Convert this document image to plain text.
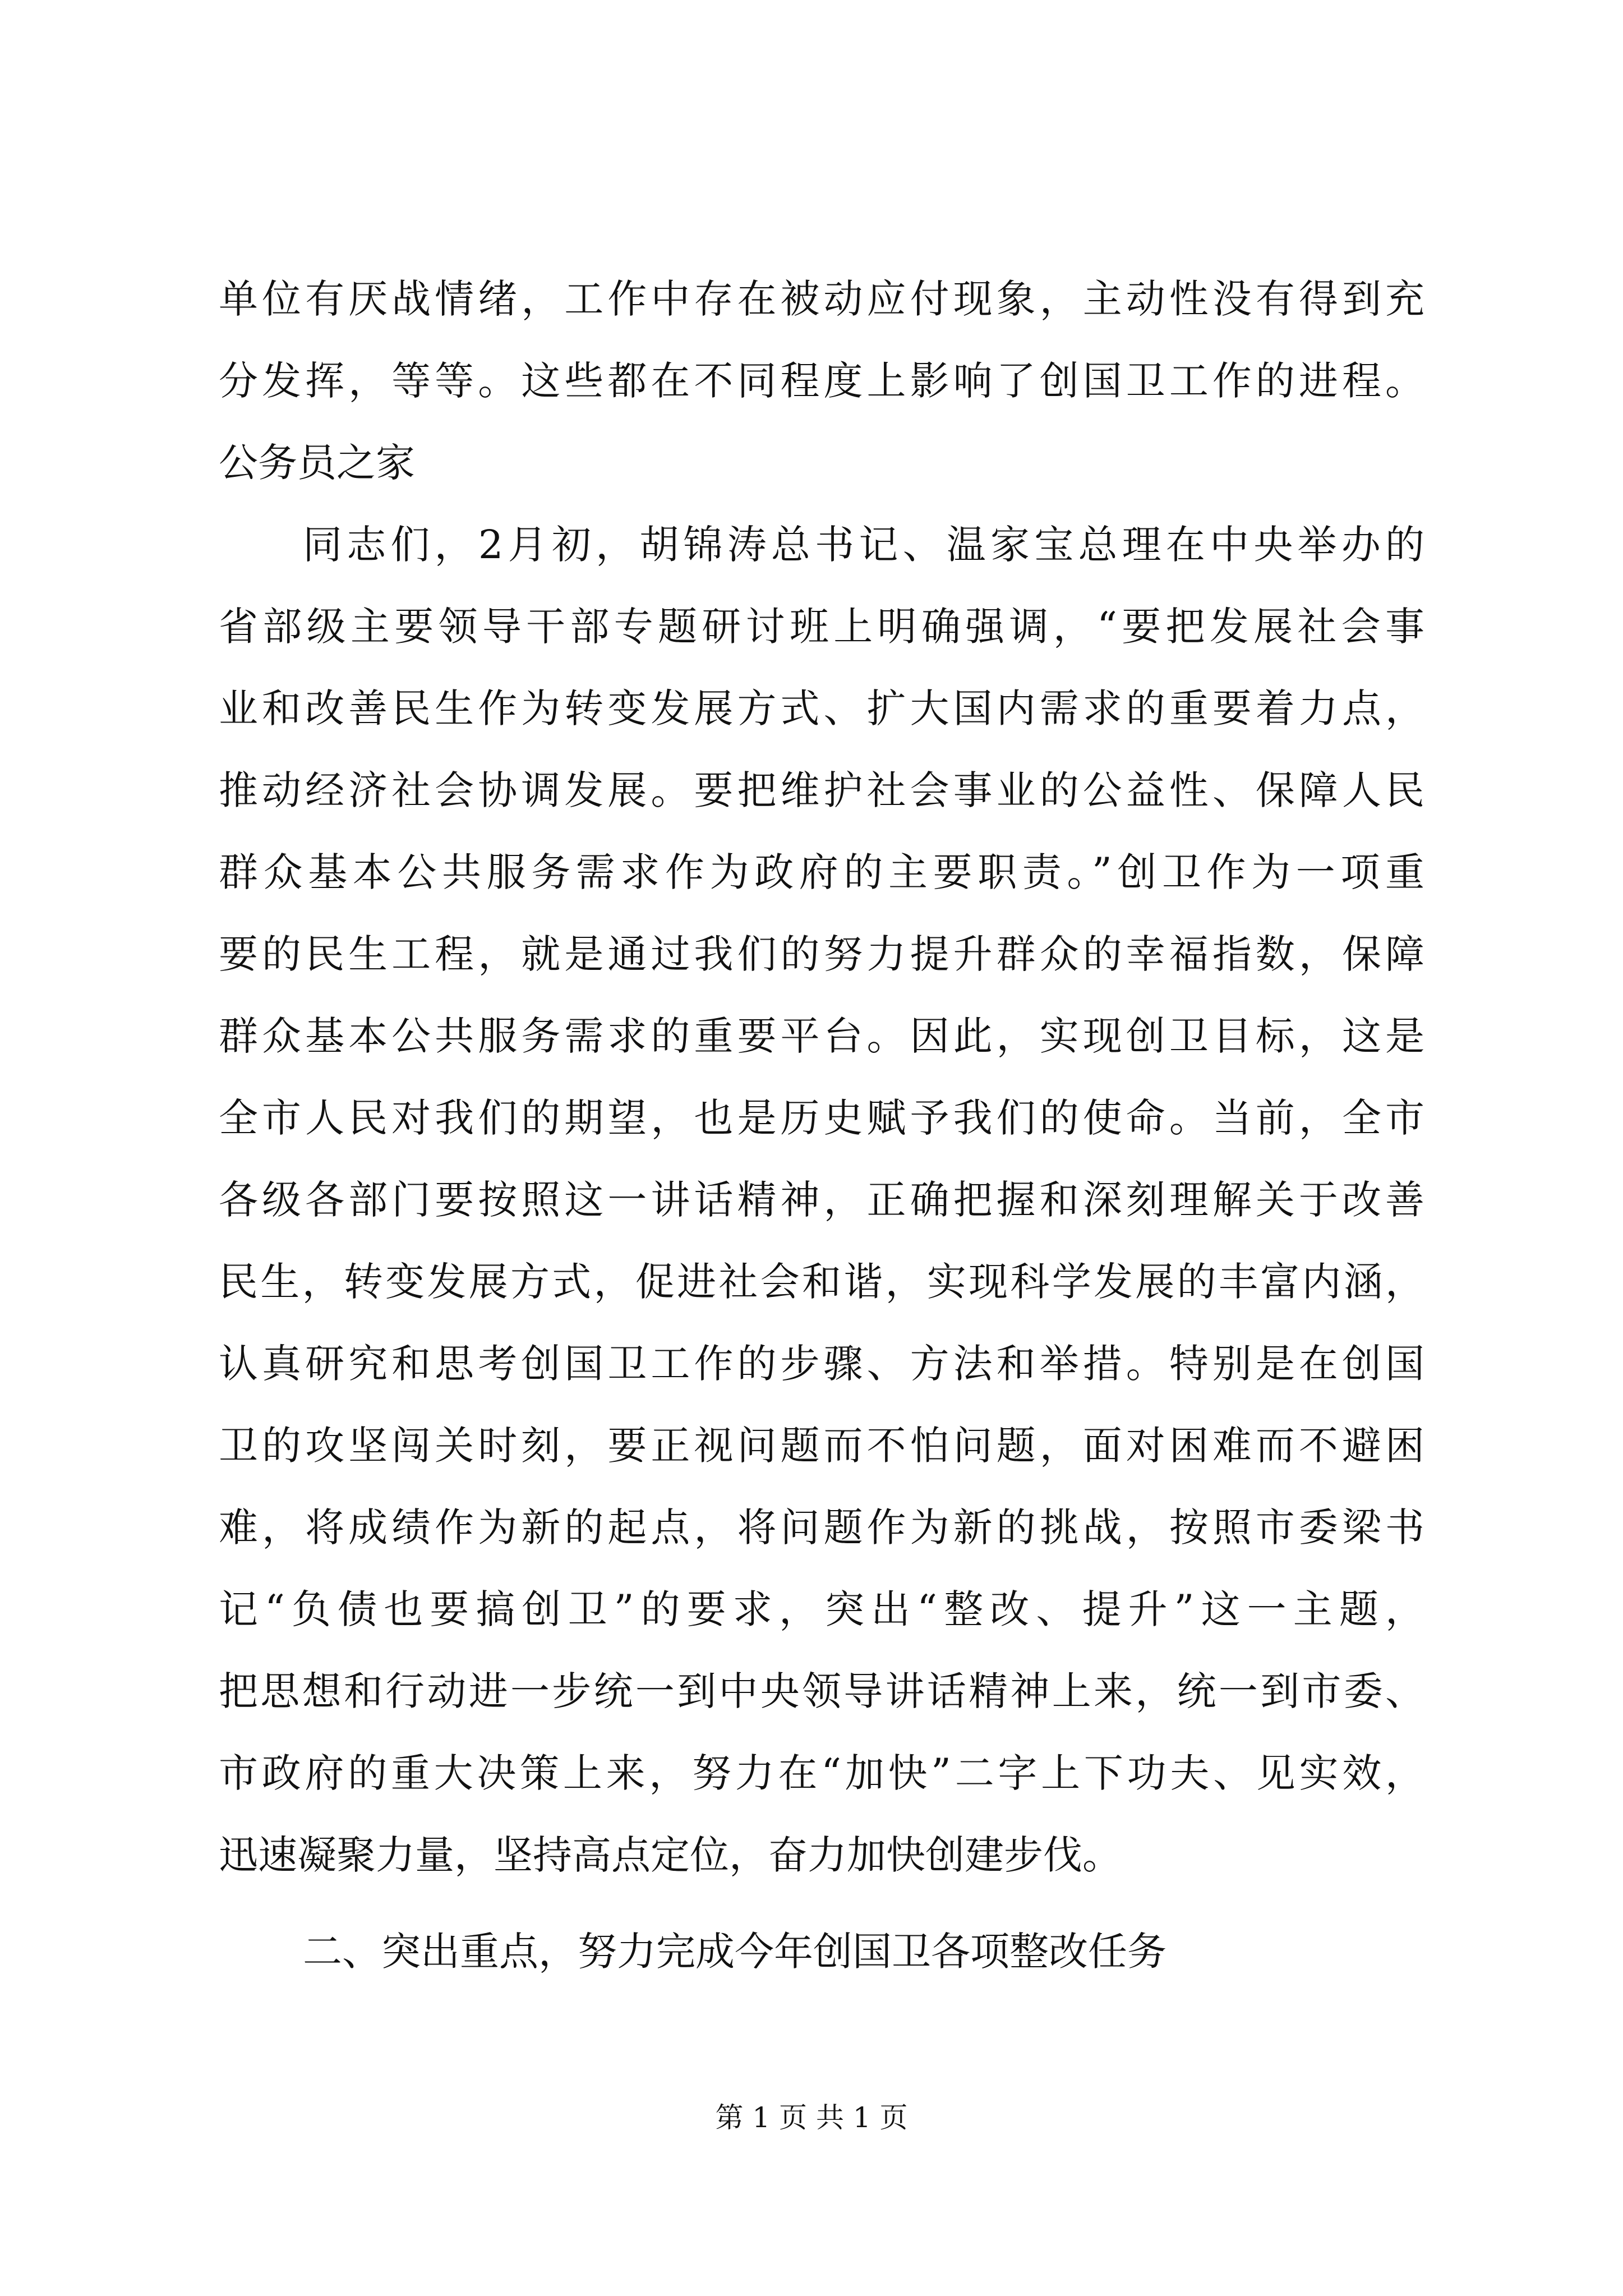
单位有厌战情绪，工作中存在被动应付现象，主动性没有得到充
分发挥，等等。这些都在不同程度上影响了创国卫工作的进程。
公务员之家
同志们，2月初，胡锦涛总书记、温家宝总理在中央举办的
省部级主要领导干部专题研讨班上明确强调，“要把发展社会事
业和改善民生作为转变发展方式、扩大国内需求的重要着力点，
推动经济社会协调发展。要把维护社会事业的公益性、保障人民
群众基本公共服务需求作为政府的主要职责。”创卫作为一项重
要的民生工程，就是通过我们的努力提升群众的幸福指数，保障
群众基本公共服务需求的重要平台。因此，实现创卫目标，这是
全市人民对我们的期望，也是历史赋予我们的使命。当前，全市
各级各部门要按照这一讲话精神，正确把握和深刻理解关于改善
民生，转变发展方式，促进社会和谐，实现科学发展的丰富内涵，
认真研究和思考创国卫工作的步骤、方法和举措。特别是在创国
卫的攻坚闯关时刻，要正视问题而不怕问题，面对困难而不避困
难，将成绩作为新的起点，将问题作为新的挑战，按照市委梁书
记“负债也要搞创卫”的要求，突出“整改、提升”这一主题，
把思想和行动进一步统一到中央领导讲话精神上来，统一到市委、
市政府的重大决策上来，努力在“加快”二字上下功夫、见实效，
迅速凝聚力量，坚持高点定位，奋力加快创建步伐。
二、突出重点，努力完成今年创国卫各项整改任务
第 1 页 共 1 页
